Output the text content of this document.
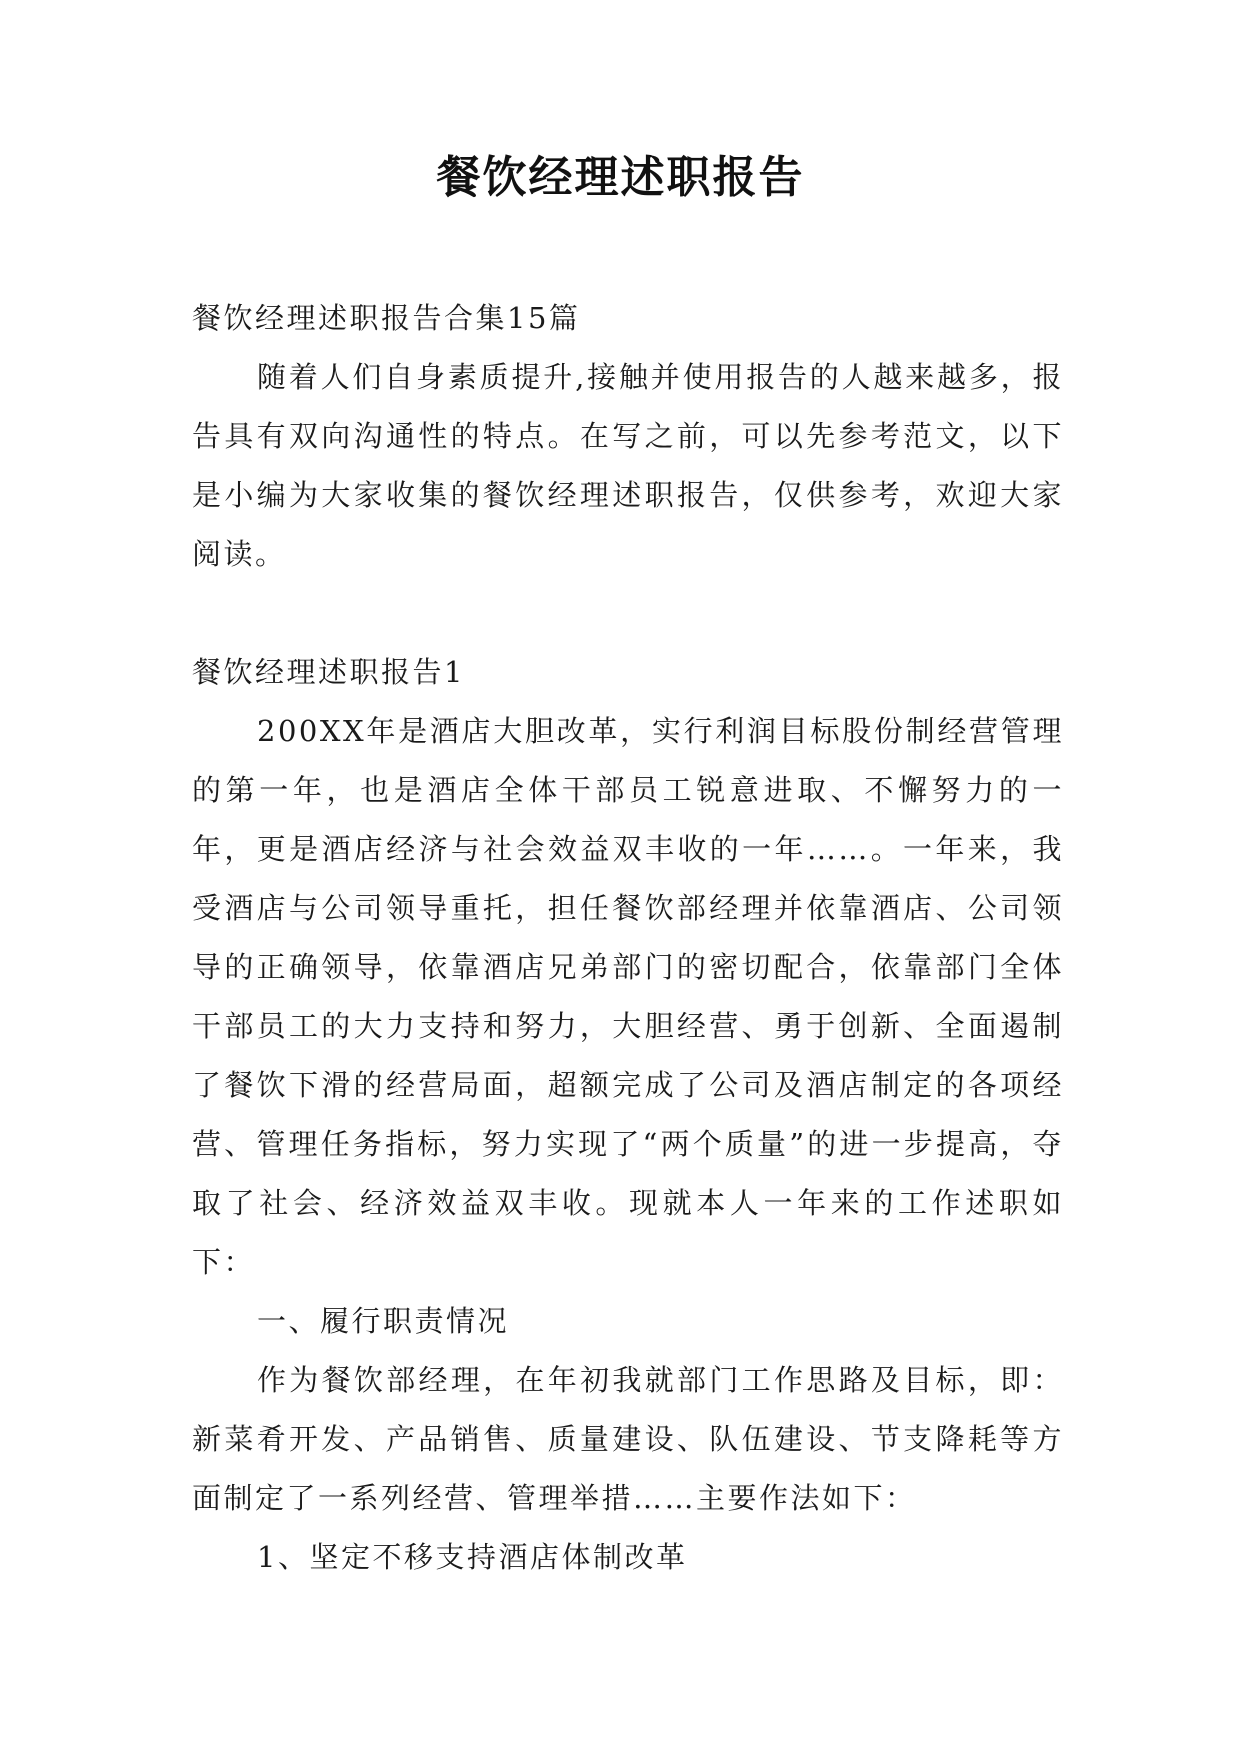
餐饮经理述职报告

餐饮经理述职报告合集15篇

随着人们自身素质提升,接触并使用报告的人越来越多，报告具有双向沟通性的特点。在写之前，可以先参考范文，以下是小编为大家收集的餐饮经理述职报告，仅供参考，欢迎大家阅读。

餐饮经理述职报告1

200XX年是酒店大胆改革，实行利润目标股份制经营管理的第一年，也是酒店全体干部员工锐意进取、不懈努力的一年，更是酒店经济与社会效益双丰收的一年……。一年来，我受酒店与公司领导重托，担任餐饮部经理并依靠酒店、公司领导的正确领导，依靠酒店兄弟部门的密切配合，依靠部门全体干部员工的大力支持和努力，大胆经营、勇于创新、全面遏制了餐饮下滑的经营局面，超额完成了公司及酒店制定的各项经营、管理任务指标，努力实现了“两个质量”的进一步提高，夺取了社会、经济效益双丰收。现就本人一年来的工作述职如下：

一、履行职责情况

作为餐饮部经理，在年初我就部门工作思路及目标，即：新菜肴开发、产品销售、质量建设、队伍建设、节支降耗等方面制定了一系列经营、管理举措……主要作法如下：

1、坚定不移支持酒店体制改革
